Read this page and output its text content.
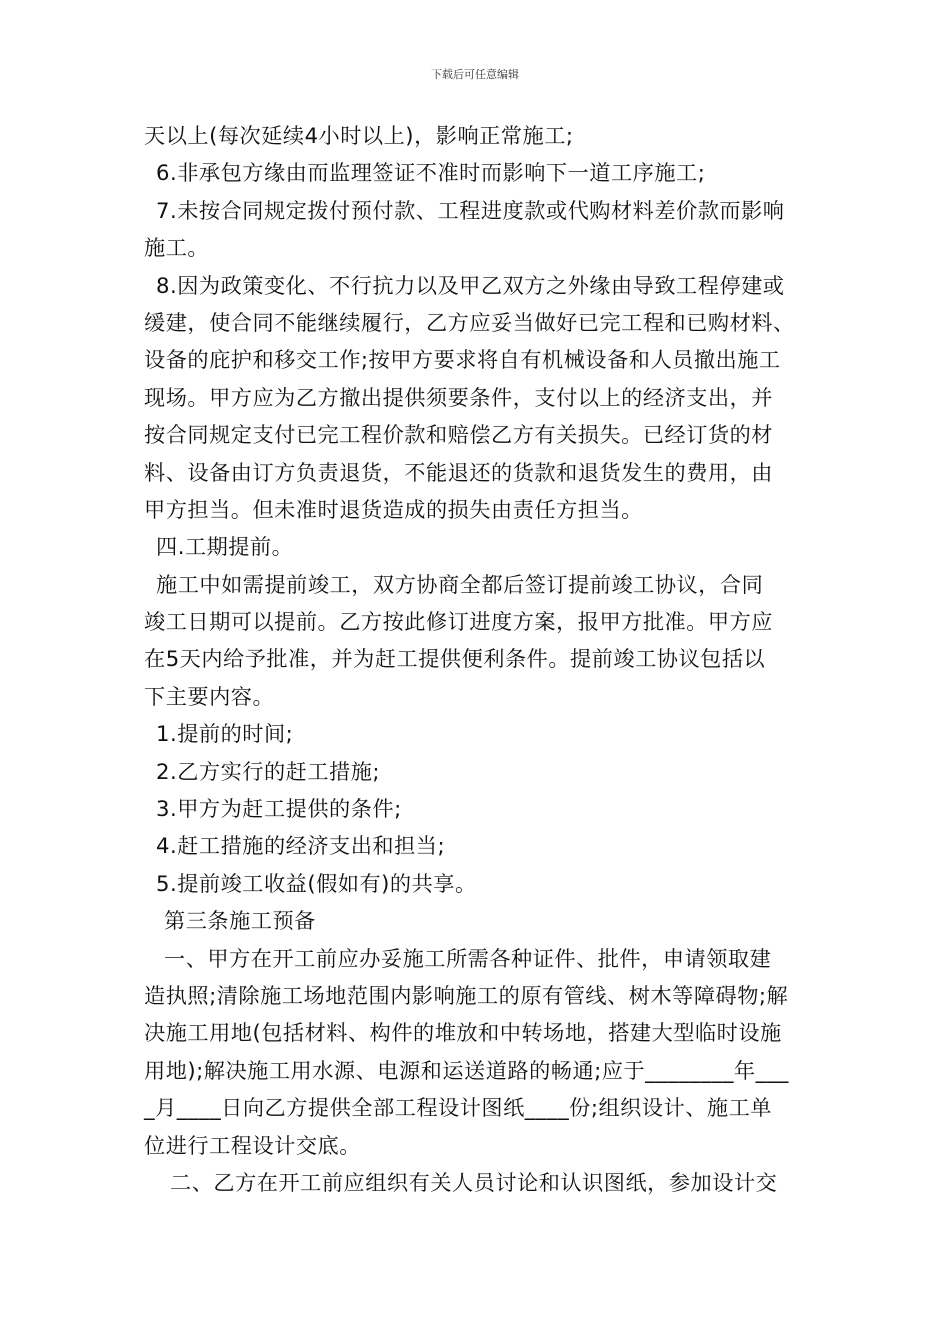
下载后可任意编辑
天以上(每次延续4小时以上)，影响正常施工;
6.非承包方缘由而监理签证不准时而影响下一道工序施工;
7.未按合同规定拨付预付款、工程进度款或代购材料差价款而影响
施工。
8.因为政策变化、不行抗力以及甲乙双方之外缘由导致工程停建或
缓建，使合同不能继续履行，乙方应妥当做好已完工程和已购材料、
设备的庇护和移交工作;按甲方要求将自有机械设备和人员撤出施工
现场。甲方应为乙方撤出提供须要条件，支付以上的经济支出，并
按合同规定支付已完工程价款和赔偿乙方有关损失。已经订货的材
料、设备由订方负责退货，不能退还的货款和退货发生的费用，由
甲方担当。但未准时退货造成的损失由责任方担当。
四.工期提前。
施工中如需提前竣工，双方协商全都后签订提前竣工协议，合同
竣工日期可以提前。乙方按此修订进度方案，报甲方批准。甲方应
在5天内给予批准，并为赶工提供便利条件。提前竣工协议包括以
下主要内容。
1.提前的时间;
2.乙方实行的赶工措施;
3.甲方为赶工提供的条件;
4.赶工措施的经济支出和担当;
5.提前竣工收益(假如有)的共享。
第三条施工预备
一、甲方在开工前应办妥施工所需各种证件、批件，申请领取建
造执照;清除施工场地范围内影响施工的原有管线、树木等障碍物;解
决施工用地(包括材料、构件的堆放和中转场地，搭建大型临时设施
用地);解决施工用水源、电源和运送道路的畅通;应于________年___
_月____日向乙方提供全部工程设计图纸____份;组织设计、施工单
位进行工程设计交底。
二、乙方在开工前应组织有关人员讨论和认识图纸，参加设计交
